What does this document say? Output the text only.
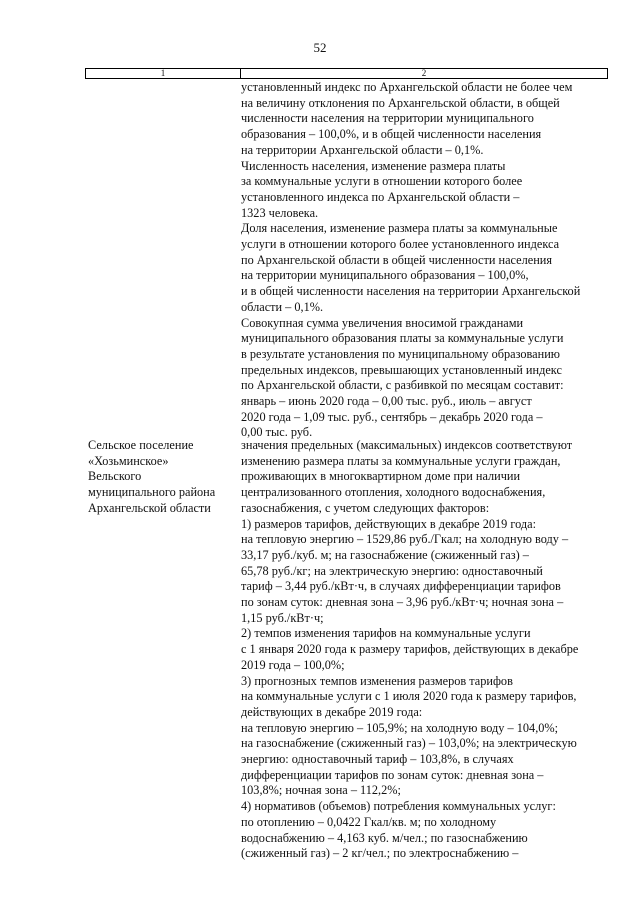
52
1	2
установленный индекс по Архангельской области не более чем
на величину отклонения по Архангельской области, в общей
численности населения на территории муниципального
образования – 100,0%, и в общей численности населения
на территории Архангельской области – 0,1%.
Численность населения, изменение размера платы
за коммунальные услуги в отношении которого более
установленного индекса по Архангельской области –
1323 человека.
Доля населения, изменение размера платы за коммунальные
услуги в отношении которого более установленного индекса
по Архангельской области в общей численности населения
на территории муниципального образования – 100,0%,
и в общей численности населения на территории Архангельской
области – 0,1%.
Совокупная сумма увеличения вносимой гражданами
муниципального образования платы за коммунальные услуги
в результате установления по муниципальному образованию
предельных индексов, превышающих установленный индекс
по Архангельской области, с разбивкой по месяцам составит:
январь – июнь 2020 года – 0,00 тыс. руб., июль – август
2020 года – 1,09 тыс. руб., сентябрь – декабрь 2020 года –
0,00 тыс. руб.
Сельское поселение
«Хозьминское»
Вельского
муниципального района
Архангельской области
значения предельных (максимальных) индексов соответствуют
изменению размера платы за коммунальные услуги граждан,
проживающих в многоквартирном доме при наличии
централизованного отопления, холодного водоснабжения,
газоснабжения, с учетом следующих факторов:
1) размеров тарифов, действующих в декабре 2019 года:
на тепловую энергию – 1529,86 руб./Гкал; на холодную воду –
33,17 руб./куб. м; на газоснабжение (сжиженный газ) –
65,78 руб./кг; на электрическую энергию: одноставочный
тариф – 3,44 руб./кВт·ч, в случаях дифференциации тарифов
по зонам суток: дневная зона – 3,96 руб./кВт·ч; ночная зона –
1,15 руб./кВт·ч;
2) темпов изменения тарифов на коммунальные услуги
с 1 января 2020 года к размеру тарифов, действующих в декабре
2019 года – 100,0%;
3) прогнозных темпов изменения размеров тарифов
на коммунальные услуги с 1 июля 2020 года к размеру тарифов,
действующих в декабре 2019 года:
на тепловую энергию – 105,9%; на холодную воду – 104,0%;
на газоснабжение (сжиженный газ) – 103,0%; на электрическую
энергию: одноставочный тариф – 103,8%, в случаях
дифференциации тарифов по зонам суток: дневная зона –
103,8%; ночная зона – 112,2%;
4) нормативов (объемов) потребления коммунальных услуг:
по отоплению – 0,0422 Гкал/кв. м; по холодному
водоснабжению – 4,163 куб. м/чел.; по газоснабжению
(сжиженный газ) – 2 кг/чел.; по электроснабжению –
